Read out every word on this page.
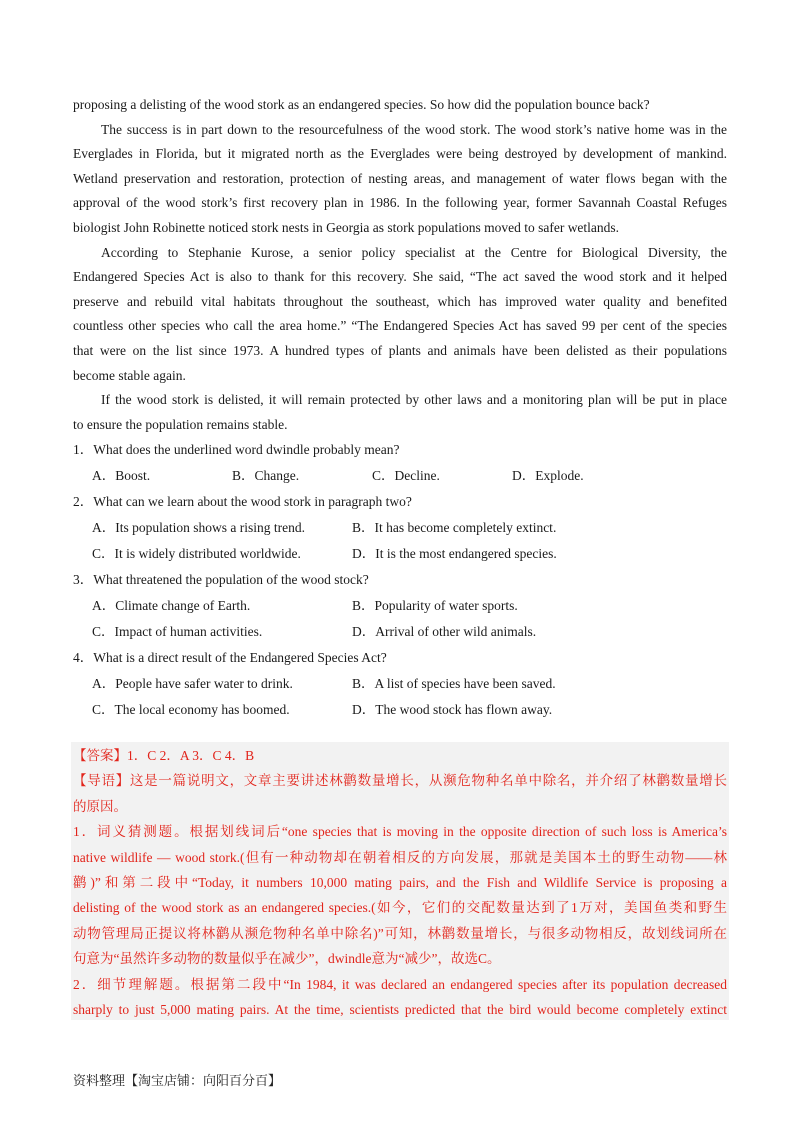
proposing a delisting of the wood stork as an endangered species. So how did the population bounce back?
The success is in part down to the resourcefulness of the wood stork. The wood stork’s native home was in the
Everglades in Florida, but it migrated north as the Everglades were being destroyed by development of mankind.
Wetland preservation and restoration, protection of nesting areas, and management of water flows began with the
approval of the wood stork’s first recovery plan in 1986. In the following year, former Savannah Coastal Refuges
biologist John Robinette noticed stork nests in Georgia as stork populations moved to safer wetlands.
According to Stephanie Kurose, a senior policy specialist at the Centre for Biological Diversity, the
Endangered Species Act is also to thank for this recovery. She said, “The act saved the wood stork and it helped
preserve and rebuild vital habitats throughout the southeast, which has improved water quality and benefited
countless other species who call the area home.” “The Endangered Species Act has saved 99 per cent of the species
that were on the list since 1973. A hundred types of plants and animals have been delisted as their populations
become stable again.
If the wood stork is delisted, it will remain protected by other laws and a monitoring plan will be put in place
to ensure the population remains stable.
1．What does the underlined word dwindle probably mean?
A．Boost.	B．Change.	C．Decline.	D．Explode.
2．What can we learn about the wood stork in paragraph two?
A．Its population shows a rising trend.	B．It has become completely extinct.
C．It is widely distributed worldwide.	D．It is the most endangered species.
3．What threatened the population of the wood stock?
A．Climate change of Earth.	B．Popularity of water sports.
C．Impact of human activities.	D．Arrival of other wild animals.
4．What is a direct result of the Endangered Species Act?
A．People have safer water to drink.	B．A list of species have been saved.
C．The local economy has boomed.	D．The wood stock has flown away.
【答案】1．C 2．A 3．C 4．B
【导语】这是一篇说明文，文章主要讲述林鹳数量增长，从濒危物种名单中除名，并介绍了林鹳数量增长
的原因。
1．词义猜测题。根据划线词后“one species that is moving in the opposite direction of such loss is America’s
native wildlife — wood stork.(但有一种动物却在朝着相反的方向发展，那就是美国本土的野生动物——林
鹳)”和第二段中“Today, it numbers 10,000 mating pairs, and the Fish and Wildlife Service is proposing a
delisting of the wood stork as an endangered species.(如今，它们的交配数量达到了1万对，美国鱼类和野生
动物管理局正提议将林鹳从濒危物种名单中除名)”可知，林鹳数量增长，与很多动物相反，故划线词所在
句意为“虽然许多动物的数量似乎在减少”，dwindle意为“减少”，故选C。
2．细节理解题。根据第二段中“In 1984, it was declared an endangered species after its population decreased
sharply to just 5,000 mating pairs. At the time, scientists predicted that the bird would become completely extinct
资料整理【淘宝店铺：向阳百分百】
